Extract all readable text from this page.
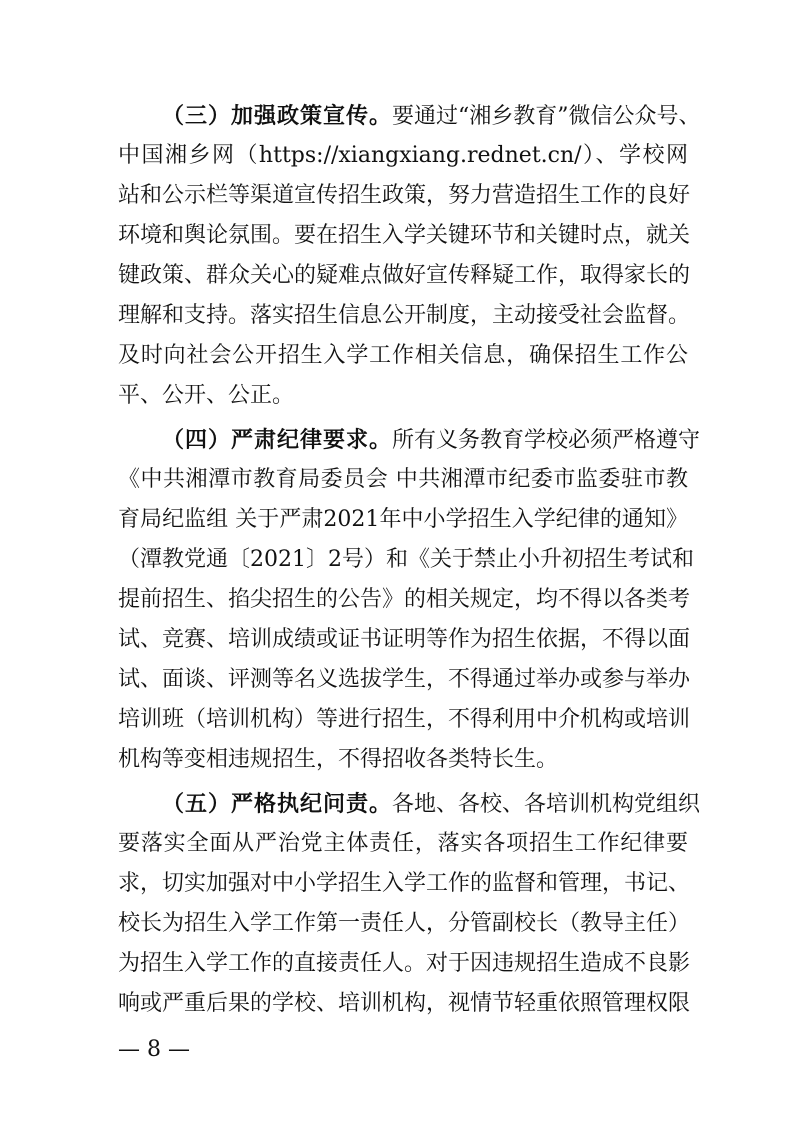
（三）加强政策宣传。要通过“湘乡教育”微信公众号、
中国湘乡网（https://xiangxiang.rednet.cn/）、学校网
站和公示栏等渠道宣传招生政策，努力营造招生工作的良好
环境和舆论氛围。要在招生入学关键环节和关键时点，就关
键政策、群众关心的疑难点做好宣传释疑工作，取得家长的
理解和支持。落实招生信息公开制度，主动接受社会监督。
及时向社会公开招生入学工作相关信息，确保招生工作公
平、公开、公正。
（四）严肃纪律要求。所有义务教育学校必须严格遵守
《中共湘潭市教育局委员会 中共湘潭市纪委市监委驻市教
育局纪监组 关于严肃2021年中小学招生入学纪律的通知》
（潭教党通〔2021〕2号）和《关于禁止小升初招生考试和
提前招生、掐尖招生的公告》的相关规定，均不得以各类考
试、竞赛、培训成绩或证书证明等作为招生依据，不得以面
试、面谈、评测等名义选拔学生，不得通过举办或参与举办
培训班（培训机构）等进行招生，不得利用中介机构或培训
机构等变相违规招生，不得招收各类特长生。
（五）严格执纪问责。各地、各校、各培训机构党组织
要落实全面从严治党主体责任，落实各项招生工作纪律要
求，切实加强对中小学招生入学工作的监督和管理，书记、
校长为招生入学工作第一责任人，分管副校长（教导主任）
为招生入学工作的直接责任人。对于因违规招生造成不良影
响或严重后果的学校、培训机构，视情节轻重依照管理权限
— 8 —
